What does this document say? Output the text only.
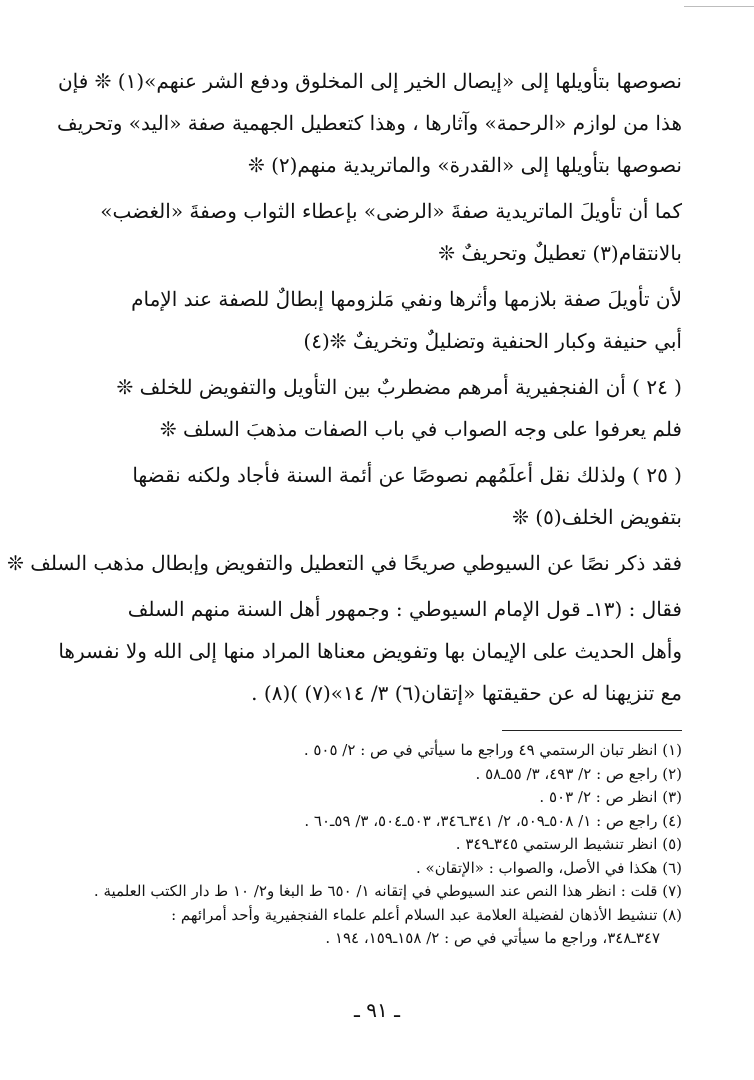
نصوصها بتأويلها إلى «إيصال الخير إلى المخلوق ودفع الشر عنهم»(١) ❊ فإن
هذا من لوازم «الرحمة» وآثارها ، وهذا كتعطيل الجهمية صفة «اليد» وتحريف
نصوصها بتأويلها إلى «القدرة» والماتريدية منهم(٢) ❊
كما أن تأويلَ الماتريدية صفةَ «الرضى» بإعطاء الثواب وصفةَ «الغضب»
بالانتقام(٣) تعطيلٌ وتحريفٌ ❊
لأن تأويلَ صفة بلازمها وأثرها ونفي مَلزومها إبطالٌ للصفة عند الإمام
أبي حنيفة وكبار الحنفية وتضليلٌ وتخريفٌ ❊(٤)
( ٢٤ ) أن الفنجفيرية أمرهم مضطربٌ بين التأويل والتفويض للخلف ❊
فلم يعرفوا على وجه الصواب في باب الصفات مذهبَ السلف ❊
( ٢٥ ) ولذلك نقل أعلَمُهم نصوصًا عن أئمة السنة فأجاد ولكنه نقضها
بتفويض الخلف(٥) ❊
فقد ذكر نصًا عن السيوطي صريحًا في التعطيل والتفويض وإبطال مذهب السلف ❊
فقال : (١٣ـ قول الإمام السيوطي : وجمهور أهل السنة منهم السلف
وأهل الحديث على الإيمان بها وتفويض معناها المراد منها إلى الله ولا نفسرها
مع تنزيهنا له عن حقيقتها «إتقان(٦) ٣/ ١٤»(٧) )(٨) .
(١) انظر تبان الرستمي ٤٩ وراجع ما سيأتي في ص : ٢/ ٥٠٥ .
(٢) راجع ص : ٢/ ٤٩٣، ٣/ ٥٥ـ٥٨ .
(٣) انظر ص : ٢/ ٥٠٣ .
(٤) راجع ص : ١/ ٥٠٨ـ٥٠٩، ٢/ ٣٤١ـ٣٤٦، ٥٠٣ـ٥٠٤، ٣/ ٥٩ـ٦٠ .
(٥) انظر تنشيط الرستمي ٣٤٥ـ٣٤٩ .
(٦) هكذا في الأصل، والصواب : «الإتقان» .
(٧) قلت : انظر هذا النص عند السيوطي في إتقانه ١/ ٦٥٠ ط البغا و٢/ ١٠ ط دار الكتب العلمية .
(٨) تنشيط الأذهان لفضيلة العلامة عبد السلام أعلم علماء الفنجفيرية وأحد أمرائهم :
٣٤٧ـ٣٤٨، وراجع ما سيأتي في ص : ٢/ ١٥٨ـ١٥٩، ١٩٤ .
ـ ٩١ ـ
